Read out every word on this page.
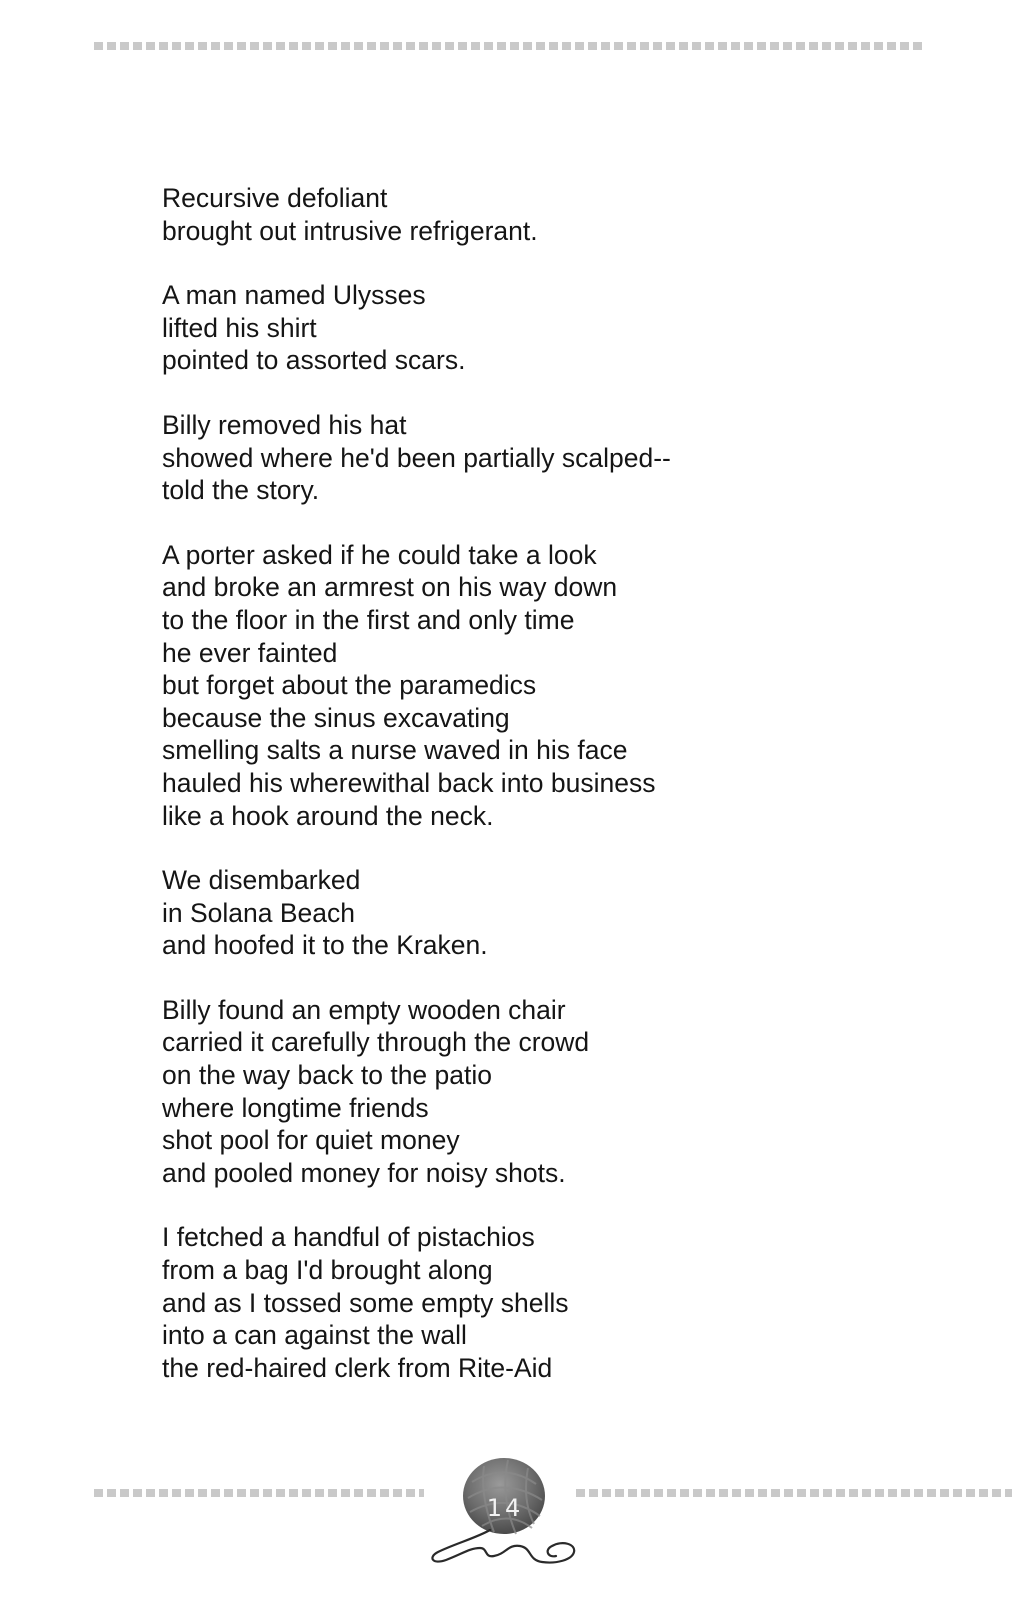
Recursive defoliant
brought out intrusive refrigerant.
A man named Ulysses
lifted his shirt
pointed to assorted scars.
Billy removed his hat
showed where he'd been partially scalped--
told the story.
A porter asked if he could take a look
and broke an armrest on his way down
to the floor in the first and only time
he ever fainted
but forget about the paramedics
because the sinus excavating
smelling salts a nurse waved in his face
hauled his wherewithal back into business
like a hook around the neck.
We disembarked
in Solana Beach
and hoofed it to the Kraken.
Billy found an empty wooden chair
carried it carefully through the crowd
on the way back to the patio
where longtime friends
shot pool for quiet money
and pooled money for noisy shots.
I fetched a handful of pistachios
from a bag I'd brought along
and as I tossed some empty shells
into a can against the wall
the red-haired clerk from Rite-Aid
14
